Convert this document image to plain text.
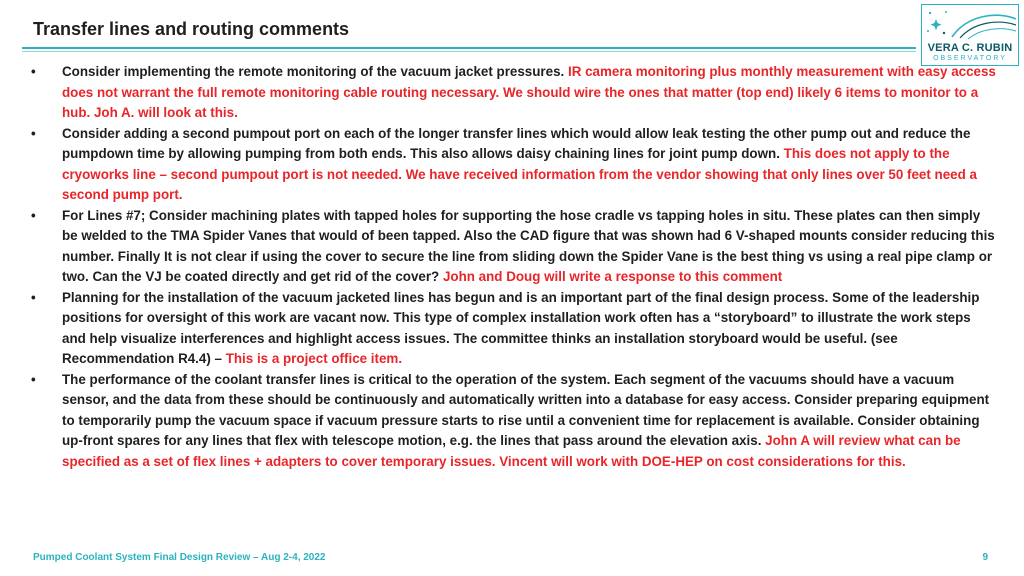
Transfer lines and routing comments
VERA C. RUBIN
OBSERVATORY
• Consider implementing the remote monitoring of the vacuum jacket pressures. IR camera monitoring plus monthly measurement with easy access does not warrant the full remote monitoring cable routing necessary. We should wire the ones that matter (top end) likely 6 items to monitor to a hub. Joh A. will look at this.
• Consider adding a second pumpout port on each of the longer transfer lines which would allow leak testing the other pump out and reduce the pumpdown time by allowing pumping from both ends. This also allows daisy chaining lines for joint pump down. This does not apply to the cryoworks line – second pumpout port is not needed. We have received information from the vendor showing that only lines over 50 feet need a second pump port.
• For Lines #7; Consider machining plates with tapped holes for supporting the hose cradle vs tapping holes in situ. These plates can then simply be welded to the TMA Spider Vanes that would of been tapped. Also the CAD figure that was shown had 6 V-shaped mounts consider reducing this number. Finally It is not clear if using the cover to secure the line from sliding down the Spider Vane is the best thing vs using a real pipe clamp or two. Can the VJ be coated directly and get rid of the cover? John and Doug will write a response to this comment
• Planning for the installation of the vacuum jacketed lines has begun and is an important part of the final design process. Some of the leadership positions for oversight of this work are vacant now. This type of complex installation work often has a “storyboard” to illustrate the work steps and help visualize interferences and highlight access issues. The committee thinks an installation storyboard would be useful. (see Recommendation R4.4) – This is a project office item.
• The performance of the coolant transfer lines is critical to the operation of the system. Each segment of the vacuums should have a vacuum sensor, and the data from these should be continuously and automatically written into a database for easy access. Consider preparing equipment to temporarily pump the vacuum space if vacuum pressure starts to rise until a convenient time for replacement is available. Consider obtaining up-front spares for any lines that flex with telescope motion, e.g. the lines that pass around the elevation axis. John A will review what can be specified as a set of flex lines + adapters to cover temporary issues. Vincent will work with DOE-HEP on cost considerations for this.
Pumped Coolant System Final Design Review – Aug 2-4, 2022	9
